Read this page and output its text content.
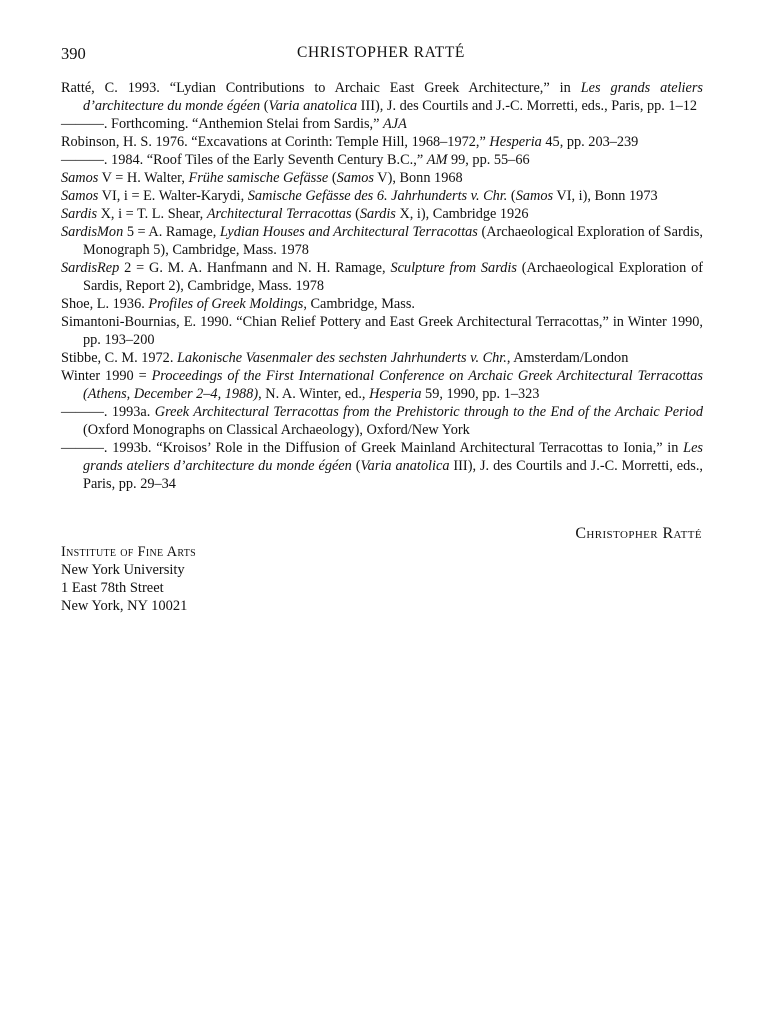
390	CHRISTOPHER RATTÉ

Ratté, C. 1993. “Lydian Contributions to Archaic East Greek Architecture,” in Les grands ateliers d’architecture du monde égéen (Varia anatolica III), J. des Courtils and J.-C. Morretti, eds., Paris, pp. 1–12

———. Forthcoming. “Anthemion Stelai from Sardis,” AJA

Robinson, H. S. 1976. “Excavations at Corinth: Temple Hill, 1968–1972,” Hesperia 45, pp. 203–239

———. 1984. “Roof Tiles of the Early Seventh Century B.C.,” AM 99, pp. 55–66

Samos V = H. Walter, Frühe samische Gefässe (Samos V), Bonn 1968

Samos VI, i = E. Walter-Karydi, Samische Gefässe des 6. Jahrhunderts v. Chr. (Samos VI, i), Bonn 1973

Sardis X, i = T. L. Shear, Architectural Terracottas (Sardis X, i), Cambridge 1926

SardisMon 5 = A. Ramage, Lydian Houses and Architectural Terracottas (Archaeological Exploration of Sardis, Monograph 5), Cambridge, Mass. 1978

SardisRep 2 = G. M. A. Hanfmann and N. H. Ramage, Sculpture from Sardis (Archaeological Exploration of Sardis, Report 2), Cambridge, Mass. 1978

Shoe, L. 1936. Profiles of Greek Moldings, Cambridge, Mass.

Simantoni-Bournias, E. 1990. “Chian Relief Pottery and East Greek Architectural Terracottas,” in Winter 1990, pp. 193–200

Stibbe, C. M. 1972. Lakonische Vasenmaler des sechsten Jahrhunderts v. Chr., Amsterdam/London

Winter 1990 = Proceedings of the First International Conference on Archaic Greek Architectural Terracottas (Athens, December 2–4, 1988), N. A. Winter, ed., Hesperia 59, 1990, pp. 1–323

———. 1993a. Greek Architectural Terracottas from the Prehistoric through to the End of the Archaic Period (Oxford Monographs on Classical Archaeology), Oxford/New York

———. 1993b. “Kroisos’ Role in the Diffusion of Greek Mainland Architectural Terracottas to Ionia,” in Les grands ateliers d’architecture du monde égéen (Varia anatolica III), J. des Courtils and J.-C. Morretti, eds., Paris, pp. 29–34

Christopher Ratté
Institute of Fine Arts
New York University
1 East 78th Street
New York, NY 10021
